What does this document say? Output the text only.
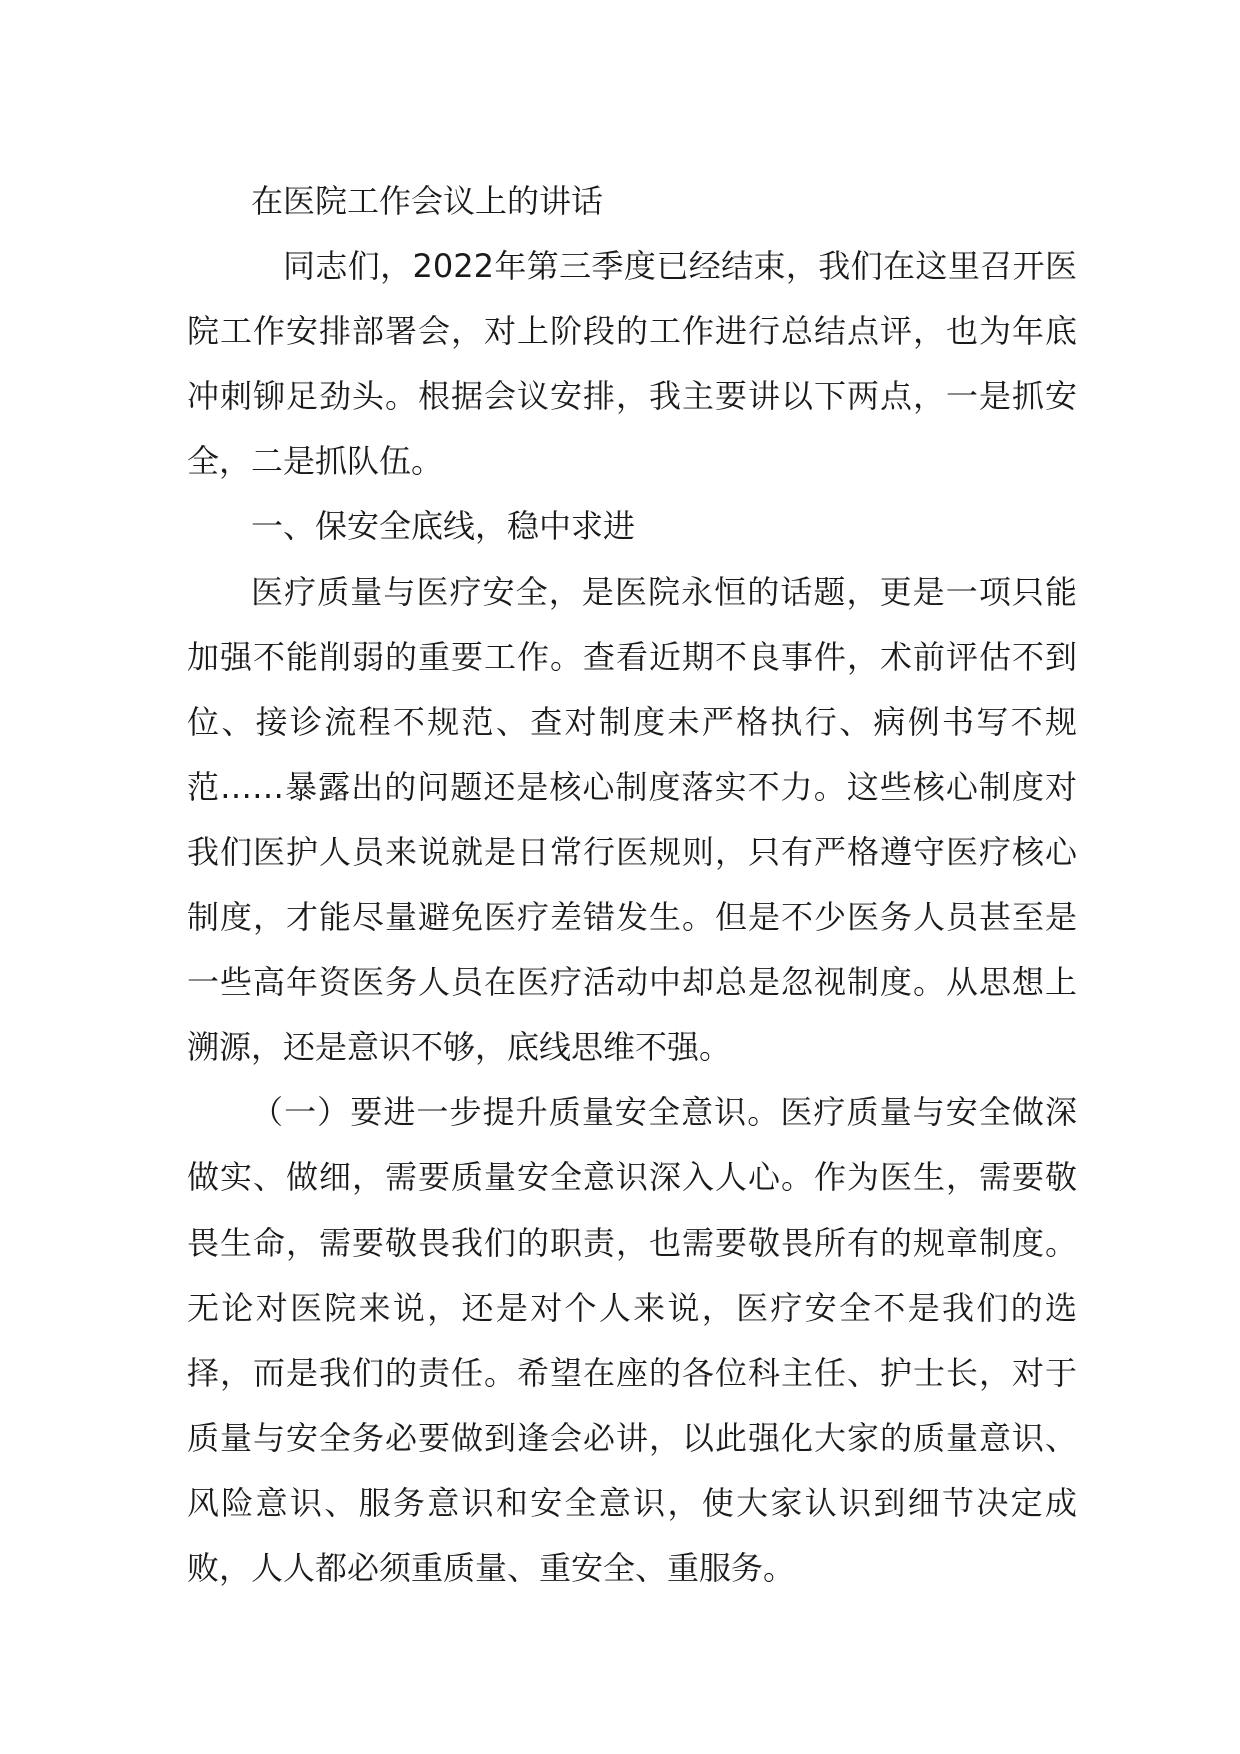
在医院工作会议上的讲话

同志们，2022年第三季度已经结束，我们在这里召开医院工作安排部署会，对上阶段的工作进行总结点评，也为年底冲刺铆足劲头。根据会议安排，我主要讲以下两点，一是抓安全，二是抓队伍。

一、保安全底线，稳中求进

医疗质量与医疗安全，是医院永恒的话题，更是一项只能加强不能削弱的重要工作。查看近期不良事件，术前评估不到位、接诊流程不规范、查对制度未严格执行、病例书写不规范……暴露出的问题还是核心制度落实不力。这些核心制度对我们医护人员来说就是日常行医规则，只有严格遵守医疗核心制度，才能尽量避免医疗差错发生。但是不少医务人员甚至是一些高年资医务人员在医疗活动中却总是忽视制度。从思想上溯源，还是意识不够，底线思维不强。

（一）要进一步提升质量安全意识。医疗质量与安全做深做实、做细，需要质量安全意识深入人心。作为医生，需要敬畏生命，需要敬畏我们的职责，也需要敬畏所有的规章制度。无论对医院来说，还是对个人来说，医疗安全不是我们的选择，而是我们的责任。希望在座的各位科主任、护士长，对于质量与安全务必要做到逢会必讲，以此强化大家的质量意识、风险意识、服务意识和安全意识，使大家认识到细节决定成败，人人都必须重质量、重安全、重服务。
